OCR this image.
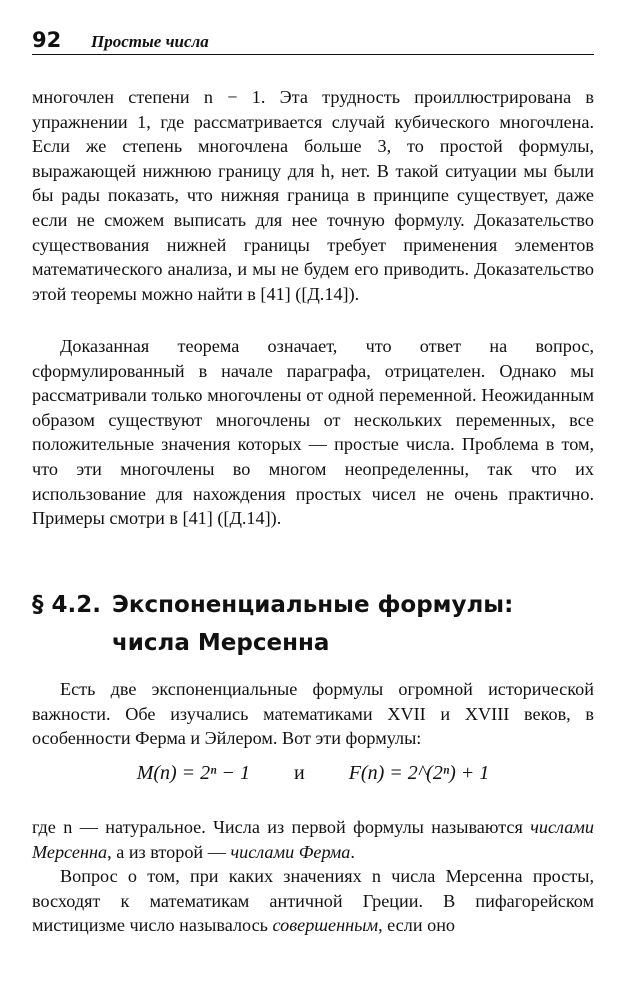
92 Простые числа

многочлен степени n − 1. Эта трудность проиллюстрирована в упражнении 1, где рассматривается случай кубического многочлена. Если же степень многочлена больше 3, то простой формулы, выражающей нижнюю границу для h, нет. В такой ситуации мы были бы рады показать, что нижняя граница в принципе существует, даже если не сможем выписать для нее точную формулу. Доказательство существования нижней границы требует применения элементов математического анализа, и мы не будем его приводить. Доказательство этой теоремы можно найти в [41] ([Д.14]).

Доказанная теорема означает, что ответ на вопрос, сформулированный в начале параграфа, отрицателен. Однако мы рассматривали только многочлены от одной переменной. Неожиданным образом существуют многочлены от нескольких переменных, все положительные значения которых — простые числа. Проблема в том, что эти многочлены во многом неопределенны, так что их использование для нахождения простых чисел не очень практично. Примеры смотри в [41] ([Д.14]).

§ 4.2. Экспоненциальные формулы:
числа Мерсенна

Есть две экспоненциальные формулы огромной исторической важности. Обе изучались математиками XVII и XVIII веков, в особенности Ферма и Эйлером. Вот эти формулы:

M(n) = 2ⁿ − 1 и F(n) = 2^(2ⁿ) + 1

где n — натуральное. Числа из первой формулы называются числами Мерсенна, а из второй — числами Ферма.

Вопрос о том, при каких значениях n числа Мерсенна просты, восходят к математикам античной Греции. В пифагорейском мистицизме число называлось совершенным, если оно
